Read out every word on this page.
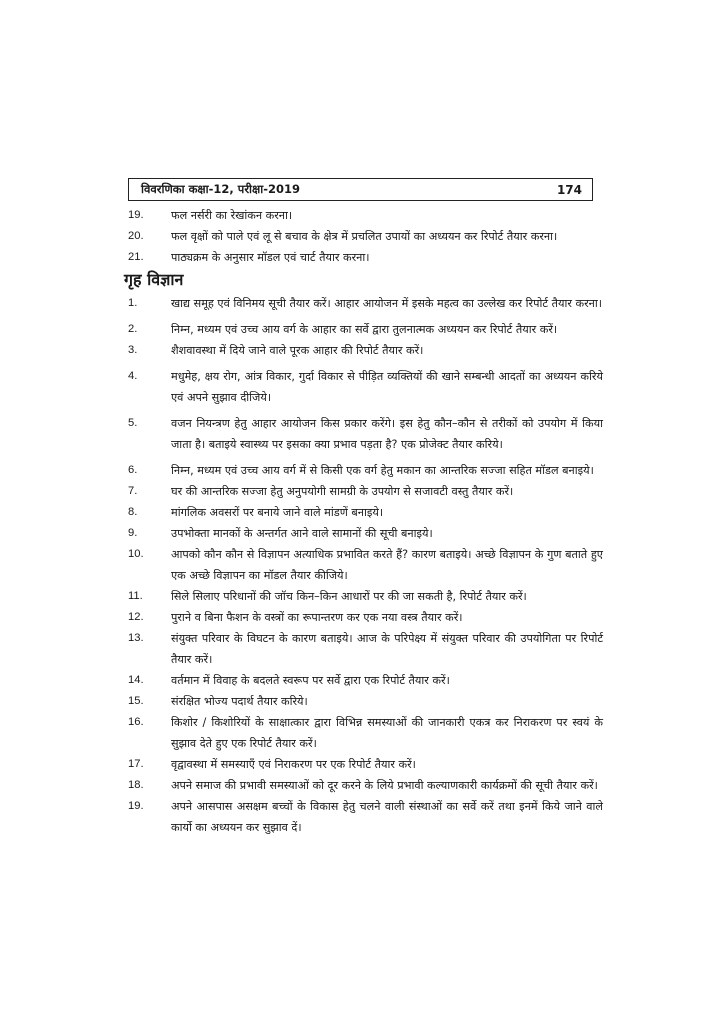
विवरणिका कक्षा-12, परीक्षा-2019	174
19.	फल नर्सरी का रेखांकन करना।
20.	फल वृक्षों को पाले एवं लू से बचाव के क्षेत्र में प्रचलित उपायों का अध्ययन कर रिपोर्ट तैयार करना।
21.	पाठ्यक्रम के अनुसार मॉडल एवं चार्ट तैयार करना।
गृह विज्ञान
1.	खाद्य समूह एवं विनिमय सूची तैयार करें। आहार आयोजन में इसके महत्व का उल्लेख कर रिपोर्ट तैयार करना।
2.	निम्न, मध्यम एवं उच्च आय वर्ग के आहार का सर्वे द्वारा तुलनात्मक अध्ययन कर रिपोर्ट तैयार करें।
3.	शैशवावस्था में दिये जाने वाले पूरक आहार की रिपोर्ट तैयार करें।
4.	मधुमेह, क्षय रोग, आंत्र विकार, गुर्दा विकार से पीड़ित व्यक्तियों की खाने सम्बन्धी आदतों का अध्ययन करिये एवं अपने सुझाव दीजिये।
5.	वजन नियन्त्रण हेतु आहार आयोजन किस प्रकार करेंगे। इस हेतु कौन–कौन से तरीकों को उपयोग में किया जाता है। बताइये स्वास्थ्य पर इसका क्या प्रभाव पड़ता है? एक प्रोजेक्ट तैयार करिये।
6.	निम्न, मध्यम एवं उच्च आय वर्ग में से किसी एक वर्ग हेतु मकान का आन्तरिक सज्जा सहित मॉडल बनाइये।
7.	घर की आन्तरिक सज्जा हेतु अनुपयोगी सामग्री के उपयोग से सजावटी वस्तु तैयार करें।
8.	मांगलिक अवसरों पर बनाये जाने वाले मांडणें बनाइये।
9.	उपभोक्ता मानकों के अन्तर्गत आने वाले सामानों की सूची बनाइये।
10.	आपको कौन कौन से विज्ञापन अत्याधिक प्रभावित करते हैं? कारण बताइये। अच्छे विज्ञापन के गुण बताते हुए एक अच्छे विज्ञापन का मॉडल तैयार कीजिये।
11.	सिले सिलाए परिधानों की जॉच किन–किन आधारों पर की जा सकती है, रिपोर्ट तैयार करें।
12.	पुराने व बिना फैशन के वस्त्रों का रूपान्तरण कर एक नया वस्त्र तैयार करें।
13.	संयुक्त परिवार के विघटन के कारण बताइये। आज के परिपेक्ष्य में संयुक्त परिवार की उपयोगिता पर रिपोर्ट तैयार करें।
14.	वर्तमान में विवाह के बदलते स्वरूप पर सर्वे द्वारा एक रिपोर्ट तैयार करें।
15.	संरक्षित भोज्य पदार्थ तैयार करिये।
16.	किशोर / किशोरियों के साक्षात्कार द्वारा विभिन्न समस्याओं की जानकारी एकत्र कर निराकरण पर स्वयं के सुझाव देते हुए एक रिपोर्ट तैयार करें।
17.	वृद्वावस्था में समस्याएँ एवं निराकरण पर एक रिपोर्ट तैयार करें।
18.	अपने समाज की प्रभावी समस्याओं को दूर करने के लिये प्रभावी कल्याणकारी कार्यक्रमों की सूची तैयार करें।
19.	अपने आसपास असक्षम बच्चों के विकास हेतु चलने वाली संस्थाओं का सर्वे करें तथा इनमें किये जाने वाले कार्यो का अध्ययन कर सुझाव दें।
